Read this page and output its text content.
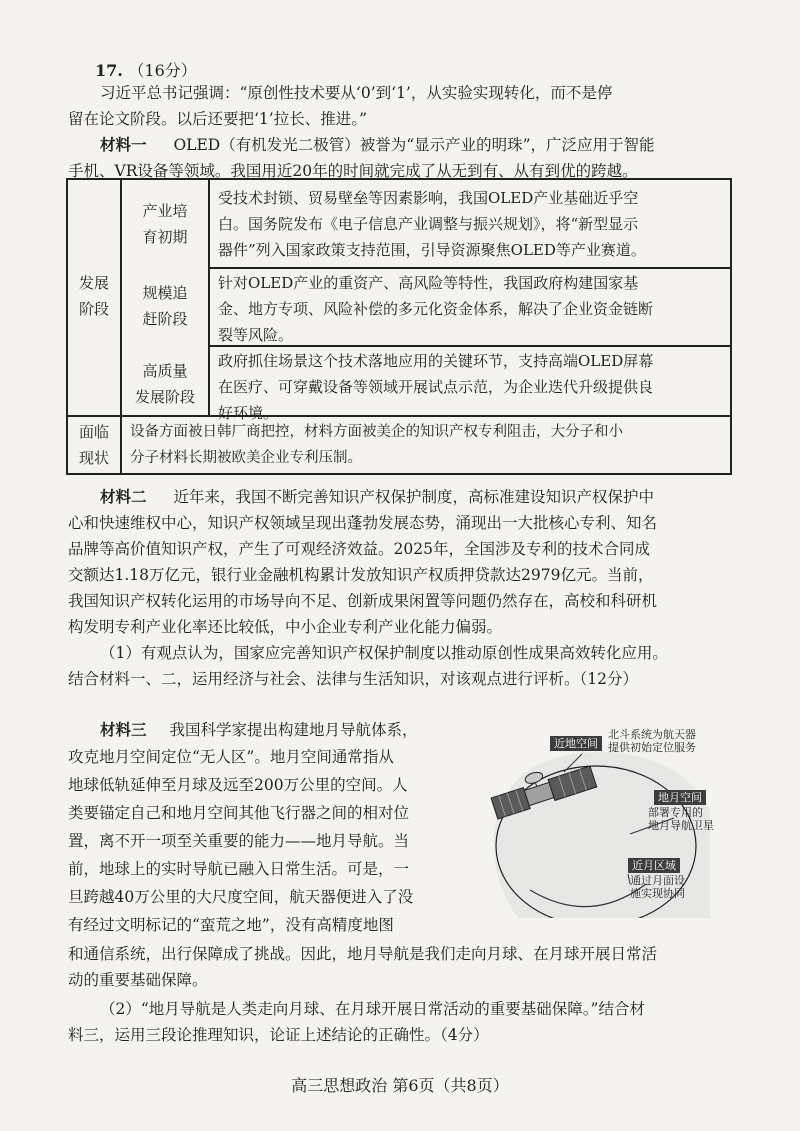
17. （16分）
习近平总书记强调：“原创性技术要从‘0’到‘1’，从实验实现转化，而不是停
留在论文阶段。以后还要把‘1’拉长、推进。”
材料一 OLED（有机发光二极管）被誉为“显示产业的明珠”，广泛应用于智能
手机、VR设备等领域。我国用近20年的时间就完成了从无到有、从有到优的跨越。
发展
阶段
产业培
育初期
受技术封锁、贸易壁垒等因素影响，我国OLED产业基础近乎空
白。国务院发布《电子信息产业调整与振兴规划》，将“新型显示
器件”列入国家政策支持范围，引导资源聚焦OLED等产业赛道。
规模追
赶阶段
针对OLED产业的重资产、高风险等特性，我国政府构建国家基
金、地方专项、风险补偿的多元化资金体系，解决了企业资金链断
裂等风险。
高质量
发展阶段
政府抓住场景这个技术落地应用的关键环节，支持高端OLED屏幕
在医疗、可穿戴设备等领域开展试点示范，为企业迭代升级提供良
好环境。
面临
现状
设备方面被日韩厂商把控，材料方面被美企的知识产权专利阻击，大分子和小
分子材料长期被欧美企业专利压制。
材料二 近年来，我国不断完善知识产权保护制度，高标准建设知识产权保护中
心和快速维权中心，知识产权领域呈现出蓬勃发展态势，涌现出一大批核心专利、知名
品牌等高价值知识产权，产生了可观经济效益。2025年，全国涉及专利的技术合同成
交额达1.18万亿元，银行业金融机构累计发放知识产权质押贷款达2979亿元。当前，
我国知识产权转化运用的市场导向不足、创新成果闲置等问题仍然存在，高校和科研机
构发明专利产业化率还比较低，中小企业专利产业化能力偏弱。
（1）有观点认为，国家应完善知识产权保护制度以推动原创性成果高效转化应用。
结合材料一、二，运用经济与社会、法律与生活知识，对该观点进行评析。（12分）
材料三 我国科学家提出构建地月导航体系，
攻克地月空间定位“无人区”。地月空间通常指从
地球低轨延伸至月球及远至200万公里的空间。人
类要锚定自己和地月空间其他飞行器之间的相对位
置，离不开一项至关重要的能力——地月导航。当
前，地球上的实时导航已融入日常生活。可是，一
旦跨越40万公里的大尺度空间，航天器便进入了没
有经过文明标记的“蛮荒之地”，没有高精度地图
和通信系统，出行保障成了挑战。因此，地月导航是我们走向月球、在月球开展日常活
动的重要基础保障。
近地空间
北斗系统为航天器
提供初始定位服务
地月空间
部署专用的
地月导航卫星
近月区域
通过月面设
施实现协同
（2）“地月导航是人类走向月球、在月球开展日常活动的重要基础保障。”结合材
料三，运用三段论推理知识，论证上述结论的正确性。（4分）
高三思想政治 第6页（共8页）
